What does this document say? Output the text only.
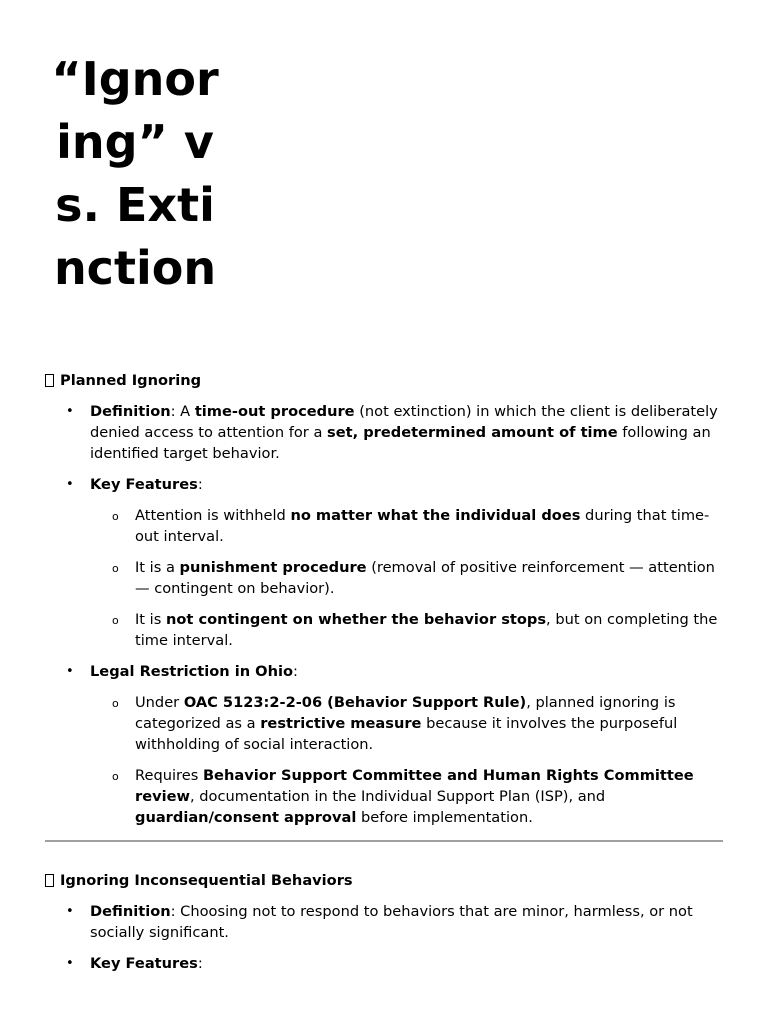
“Ignoring” vs. Extinction
Planned Ignoring
• Definition: A time-out procedure (not extinction) in which the client is deliberately denied access to attention for a set, predetermined amount of time following an identified target behavior.
• Key Features:
o Attention is withheld no matter what the individual does during that time-out interval.
o It is a punishment procedure (removal of positive reinforcement — attention — contingent on behavior).
o It is not contingent on whether the behavior stops, but on completing the time interval.
• Legal Restriction in Ohio:
o Under OAC 5123:2-2-06 (Behavior Support Rule), planned ignoring is categorized as a restrictive measure because it involves the purposeful withholding of social interaction.
o Requires Behavior Support Committee and Human Rights Committee review, documentation in the Individual Support Plan (ISP), and guardian/consent approval before implementation.
Ignoring Inconsequential Behaviors
• Definition: Choosing not to respond to behaviors that are minor, harmless, or not socially significant.
• Key Features:
